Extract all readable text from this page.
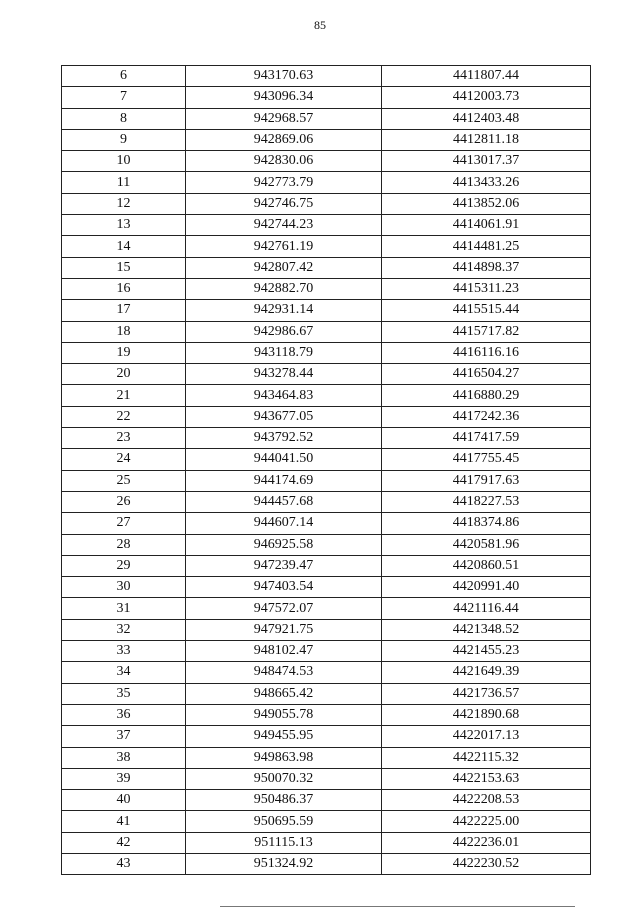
85
6	943170.63	4411807.44
7	943096.34	4412003.73
8	942968.57	4412403.48
9	942869.06	4412811.18
10	942830.06	4413017.37
11	942773.79	4413433.26
12	942746.75	4413852.06
13	942744.23	4414061.91
14	942761.19	4414481.25
15	942807.42	4414898.37
16	942882.70	4415311.23
17	942931.14	4415515.44
18	942986.67	4415717.82
19	943118.79	4416116.16
20	943278.44	4416504.27
21	943464.83	4416880.29
22	943677.05	4417242.36
23	943792.52	4417417.59
24	944041.50	4417755.45
25	944174.69	4417917.63
26	944457.68	4418227.53
27	944607.14	4418374.86
28	946925.58	4420581.96
29	947239.47	4420860.51
30	947403.54	4420991.40
31	947572.07	4421116.44
32	947921.75	4421348.52
33	948102.47	4421455.23
34	948474.53	4421649.39
35	948665.42	4421736.57
36	949055.78	4421890.68
37	949455.95	4422017.13
38	949863.98	4422115.32
39	950070.32	4422153.63
40	950486.37	4422208.53
41	950695.59	4422225.00
42	951115.13	4422236.01
43	951324.92	4422230.52
